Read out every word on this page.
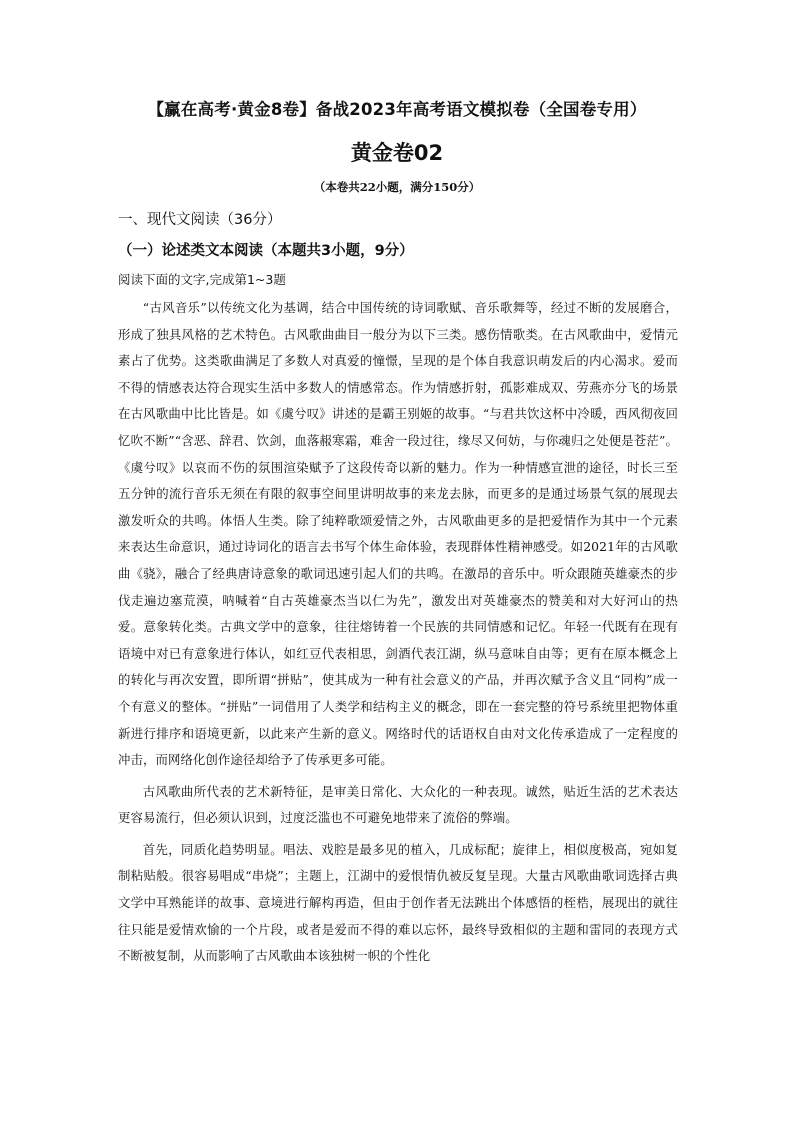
【赢在高考·黄金8卷】备战2023年高考语文模拟卷（全国卷专用）
黄金卷02
（本卷共22小题，满分150分）
一、现代文阅读（36分）
（一）论述类文本阅读（本题共3小题，9分）
阅读下面的文字,完成第1~3题

“古风音乐”以传统文化为基调，结合中国传统的诗词歌赋、音乐歌舞等，经过不断的发展磨合，形成了独具风格的艺术特色。古风歌曲曲目一般分为以下三类。感伤情歌类。在古风歌曲中，爱情元素占了优势。这类歌曲满足了多数人对真爱的憧憬，呈现的是个体自我意识萌发后的内心渴求。爱而不得的情感表达符合现实生活中多数人的情感常态。作为情感折射，孤影难成双、劳燕亦分飞的场景在古风歌曲中比比皆是。如《虞兮叹》讲述的是霸王别姬的故事。“与君共饮这杯中冷暖，西风彻夜回忆吹不断”“含恶、辞君、饮剑，血落赧寒霜，难舍一段过往，缘尽又何妨，与你魂归之处便是苍茫”。《虞兮叹》以哀而不伤的氛围渲染赋予了这段传奇以新的魅力。作为一种情感宣泄的途径，时长三至五分钟的流行音乐无须在有限的叙事空间里讲明故事的来龙去脉，而更多的是通过场景气氛的展现去激发听众的共鸣。体悟人生类。除了纯粹歌颂爱情之外，古风歌曲更多的是把爱情作为其中一个元素来表达生命意识，通过诗词化的语言去书写个体生命体验，表现群体性精神感受。如2021年的古风歌曲《骁》，融合了经典唐诗意象的歌词迅速引起人们的共鸣。在激昂的音乐中。听众跟随英雄豪杰的步伐走遍边塞荒漠，呐喊着“自古英雄豪杰当以仁为先”，激发出对英雄豪杰的赞美和对大好河山的热爱。意象转化类。古典文学中的意象，往往熔铸着一个民族的共同情感和记忆。年轻一代既有在现有语境中对已有意象进行体认，如红豆代表相思，剑酒代表江湖，纵马意味自由等；更有在原本概念上的转化与再次安置，即所谓“拼贴”，使其成为一种有社会意义的产品，并再次赋予含义且“同构”成一个有意义的整体。“拼贴”一词借用了人类学和结构主义的概念，即在一套完整的符号系统里把物体重新进行排序和语境更新，以此来产生新的意义。网络时代的话语权自由对文化传承造成了一定程度的冲击，而网络化创作途径却给予了传承更多可能。

古风歌曲所代表的艺术新特征，是审美日常化、大众化的一种表现。诚然，贴近生活的艺术表达更容易流行，但必须认识到，过度泛滥也不可避免地带来了流俗的弊端。

首先，同质化趋势明显。唱法、戏腔是最多见的植入，几成标配；旋律上，相似度极高，宛如复制粘贴般。很容易唱成“串烧”；主题上，江湖中的爱恨情仇被反复呈现。大量古风歌曲歌词选择古典文学中耳熟能详的故事、意境进行解构再造，但由于创作者无法跳出个体感悟的桎梏，展现出的就往往只能是爱情欢愉的一个片段，或者是爱而不得的难以忘怀，最终导致相似的主题和雷同的表现方式不断被复制，从而影响了古风歌曲本该独树一帜的个性化
